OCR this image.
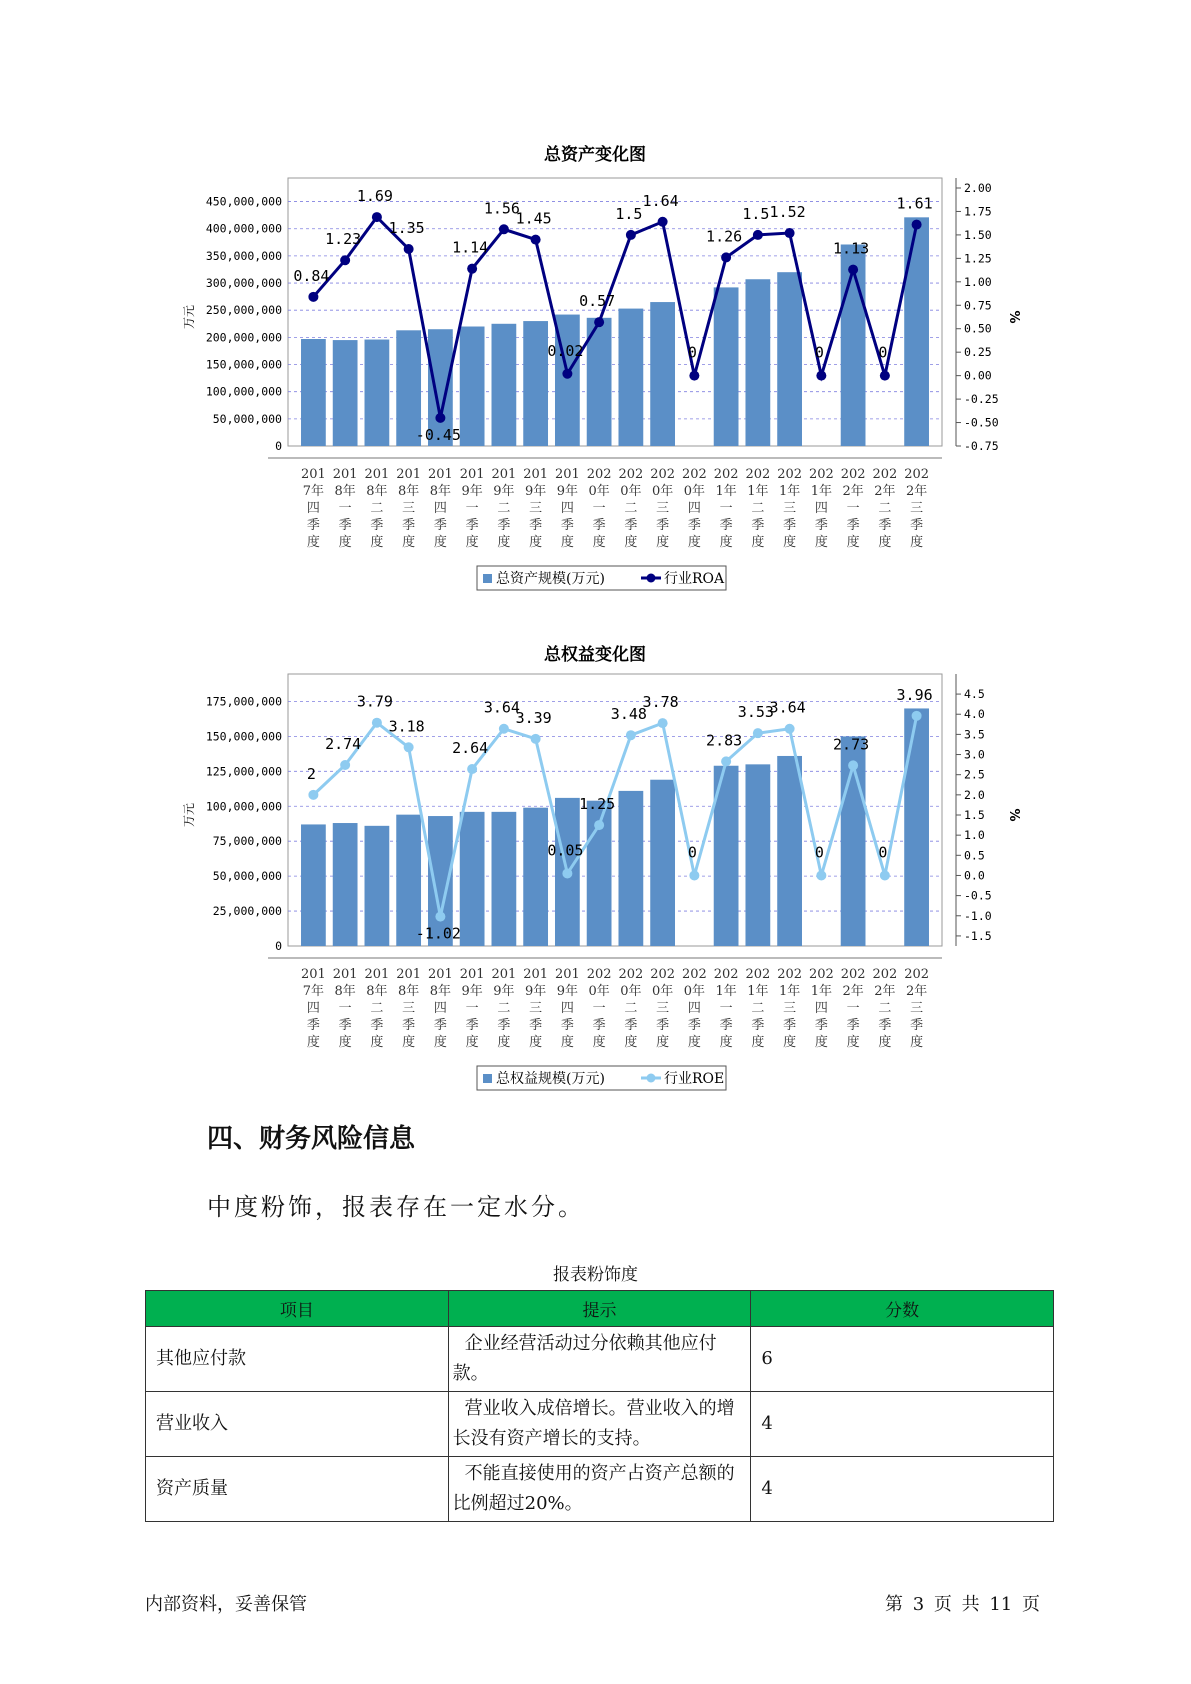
总资产变化图
0
50,000,000
100,000,000
150,000,000
200,000,000
250,000,000
300,000,000
350,000,000
400,000,000
450,000,000
-0.75
-0.50
-0.25
0.00
0.25
0.50
0.75
1.00
1.25
1.50
1.75
2.00
万元	%
201 7年四季度
201 8年一季度
201 8年二季度
201 8年三季度
201 8年四季度
201 9年一季度
201 9年二季度
201 9年三季度
201 9年四季度
202 0年一季度
202 0年二季度
202 0年三季度
202 0年四季度
202 1年一季度
202 1年二季度
202 1年三季度
202 1年四季度
202 2年一季度
202 2年二季度
202 2年三季度
0.84
1.23
1.69
1.35
-0.45
1.14
1.56
1.45
0.02
0.57
1.5
1.64
0
1.26
1.5 1.52
0
1.13
0
1.61
总资产规模(万元)	行业ROA
总权益变化图
0
25,000,000
50,000,000
75,000,000
100,000,000
125,000,000
150,000,000
175,000,000
-1.5
-1.0
-0.5
0.0
0.5
1.0
1.5
2.0
2.5
3.0
3.5
4.0
4.5
万元	%
201 7年四季度
201 8年一季度
201 8年二季度
201 8年三季度
201 8年四季度
201 9年一季度
201 9年二季度
201 9年三季度
201 9年四季度
202 0年一季度
202 0年二季度
202 0年三季度
202 0年四季度
202 1年一季度
202 1年二季度
202 1年三季度
202 1年四季度
202 2年一季度
202 2年二季度
202 2年三季度
2
2.74
3.79
3.18
-1.02
2.64
3.64
3.39
0.05
1.25
3.48
3.78
0
2.83
3.53
3.64
0
2.73
0
3.96
总权益规模(万元)	行业ROE
四、财务风险信息
中度粉饰，报表存在一定水分。
报表粉饰度
项目	提示	分数
其他应付款	企业经营活动过分依赖其他应付款。	6
营业收入	营业收入成倍增长。营业收入的增长没有资产增长的支持。	4
资产质量	不能直接使用的资产占资产总额的比例超过20%。	4
内部资料，妥善保管	第 3 页 共 11 页
